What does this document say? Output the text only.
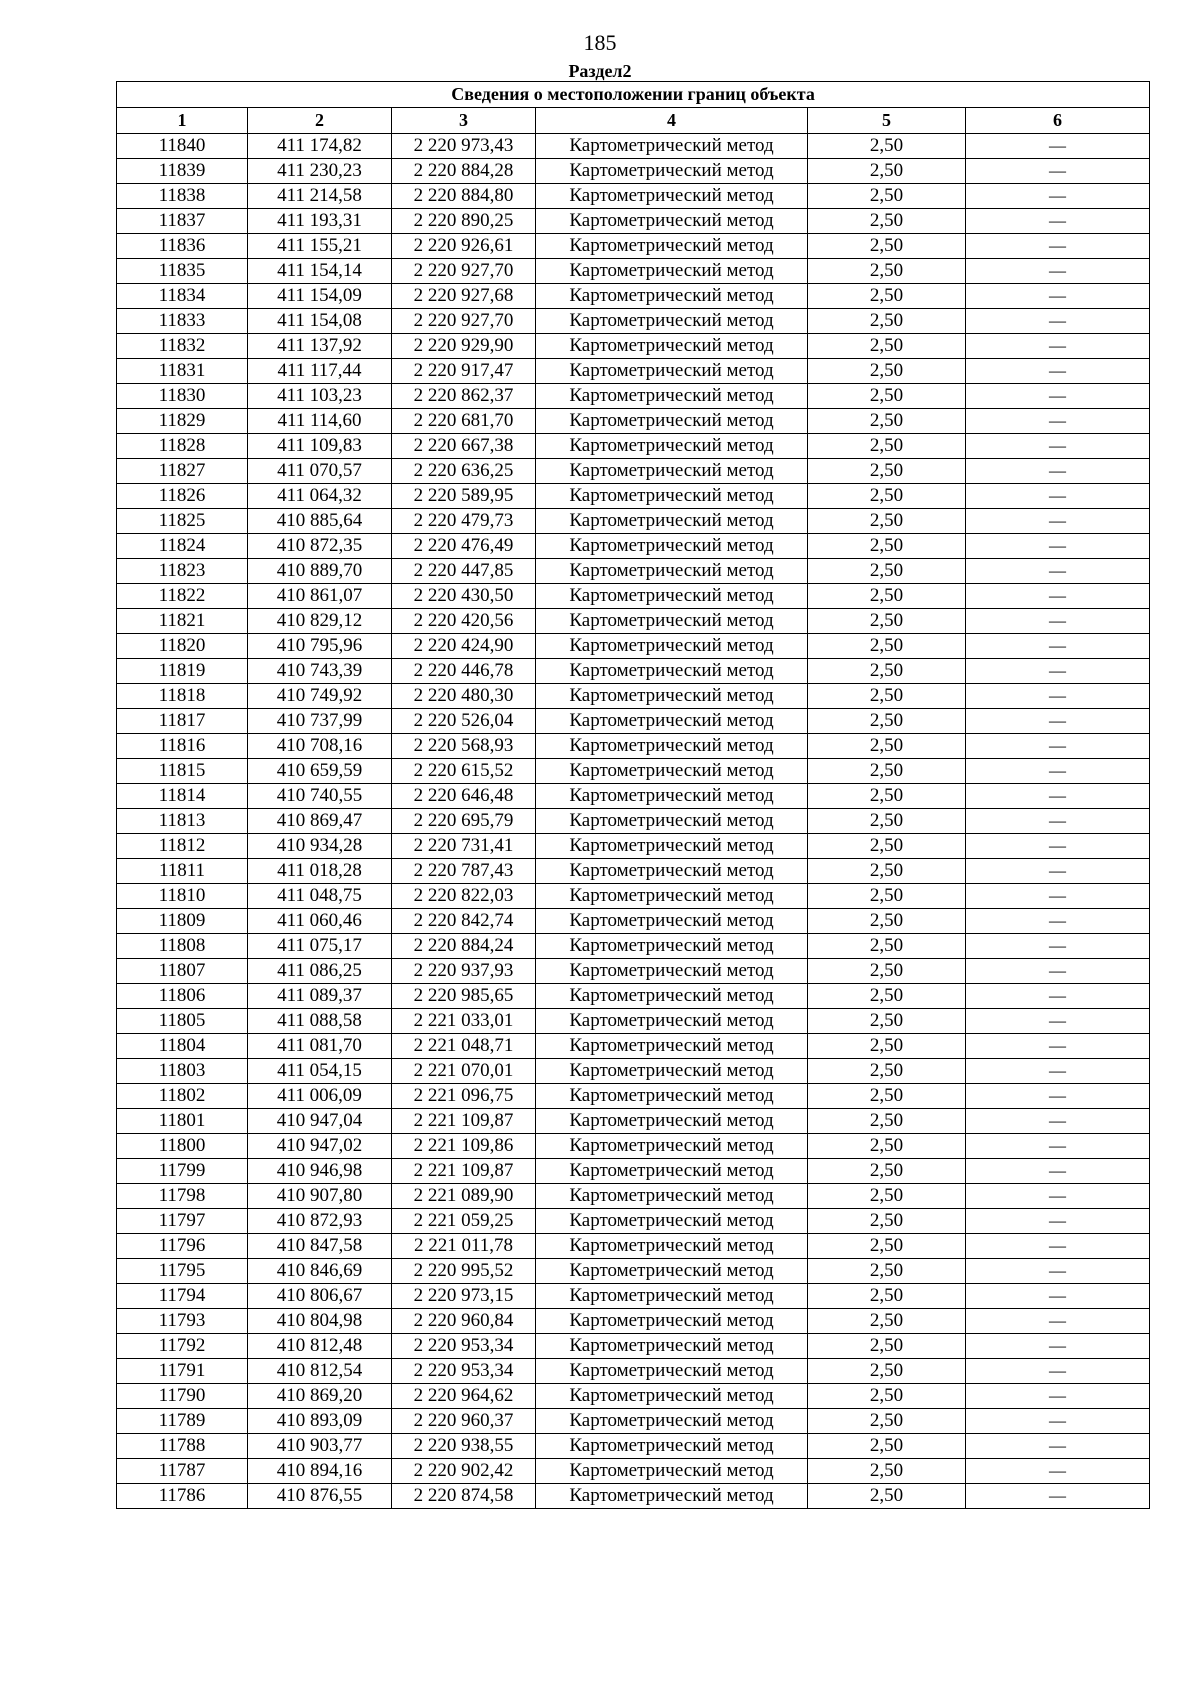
185
Раздел2
Сведения о местоположении границ объекта					
1	2	3	4	5	6
11840	411 174,82	2 220 973,43	Картометрический метод	2,50	—
11839	411 230,23	2 220 884,28	Картометрический метод	2,50	—
11838	411 214,58	2 220 884,80	Картометрический метод	2,50	—
11837	411 193,31	2 220 890,25	Картометрический метод	2,50	—
11836	411 155,21	2 220 926,61	Картометрический метод	2,50	—
11835	411 154,14	2 220 927,70	Картометрический метод	2,50	—
11834	411 154,09	2 220 927,68	Картометрический метод	2,50	—
11833	411 154,08	2 220 927,70	Картометрический метод	2,50	—
11832	411 137,92	2 220 929,90	Картометрический метод	2,50	—
11831	411 117,44	2 220 917,47	Картометрический метод	2,50	—
11830	411 103,23	2 220 862,37	Картометрический метод	2,50	—
11829	411 114,60	2 220 681,70	Картометрический метод	2,50	—
11828	411 109,83	2 220 667,38	Картометрический метод	2,50	—
11827	411 070,57	2 220 636,25	Картометрический метод	2,50	—
11826	411 064,32	2 220 589,95	Картометрический метод	2,50	—
11825	410 885,64	2 220 479,73	Картометрический метод	2,50	—
11824	410 872,35	2 220 476,49	Картометрический метод	2,50	—
11823	410 889,70	2 220 447,85	Картометрический метод	2,50	—
11822	410 861,07	2 220 430,50	Картометрический метод	2,50	—
11821	410 829,12	2 220 420,56	Картометрический метод	2,50	—
11820	410 795,96	2 220 424,90	Картометрический метод	2,50	—
11819	410 743,39	2 220 446,78	Картометрический метод	2,50	—
11818	410 749,92	2 220 480,30	Картометрический метод	2,50	—
11817	410 737,99	2 220 526,04	Картометрический метод	2,50	—
11816	410 708,16	2 220 568,93	Картометрический метод	2,50	—
11815	410 659,59	2 220 615,52	Картометрический метод	2,50	—
11814	410 740,55	2 220 646,48	Картометрический метод	2,50	—
11813	410 869,47	2 220 695,79	Картометрический метод	2,50	—
11812	410 934,28	2 220 731,41	Картометрический метод	2,50	—
11811	411 018,28	2 220 787,43	Картометрический метод	2,50	—
11810	411 048,75	2 220 822,03	Картометрический метод	2,50	—
11809	411 060,46	2 220 842,74	Картометрический метод	2,50	—
11808	411 075,17	2 220 884,24	Картометрический метод	2,50	—
11807	411 086,25	2 220 937,93	Картометрический метод	2,50	—
11806	411 089,37	2 220 985,65	Картометрический метод	2,50	—
11805	411 088,58	2 221 033,01	Картометрический метод	2,50	—
11804	411 081,70	2 221 048,71	Картометрический метод	2,50	—
11803	411 054,15	2 221 070,01	Картометрический метод	2,50	—
11802	411 006,09	2 221 096,75	Картометрический метод	2,50	—
11801	410 947,04	2 221 109,87	Картометрический метод	2,50	—
11800	410 947,02	2 221 109,86	Картометрический метод	2,50	—
11799	410 946,98	2 221 109,87	Картометрический метод	2,50	—
11798	410 907,80	2 221 089,90	Картометрический метод	2,50	—
11797	410 872,93	2 221 059,25	Картометрический метод	2,50	—
11796	410 847,58	2 221 011,78	Картометрический метод	2,50	—
11795	410 846,69	2 220 995,52	Картометрический метод	2,50	—
11794	410 806,67	2 220 973,15	Картометрический метод	2,50	—
11793	410 804,98	2 220 960,84	Картометрический метод	2,50	—
11792	410 812,48	2 220 953,34	Картометрический метод	2,50	—
11791	410 812,54	2 220 953,34	Картометрический метод	2,50	—
11790	410 869,20	2 220 964,62	Картометрический метод	2,50	—
11789	410 893,09	2 220 960,37	Картометрический метод	2,50	—
11788	410 903,77	2 220 938,55	Картометрический метод	2,50	—
11787	410 894,16	2 220 902,42	Картометрический метод	2,50	—
11786	410 876,55	2 220 874,58	Картометрический метод	2,50	—
